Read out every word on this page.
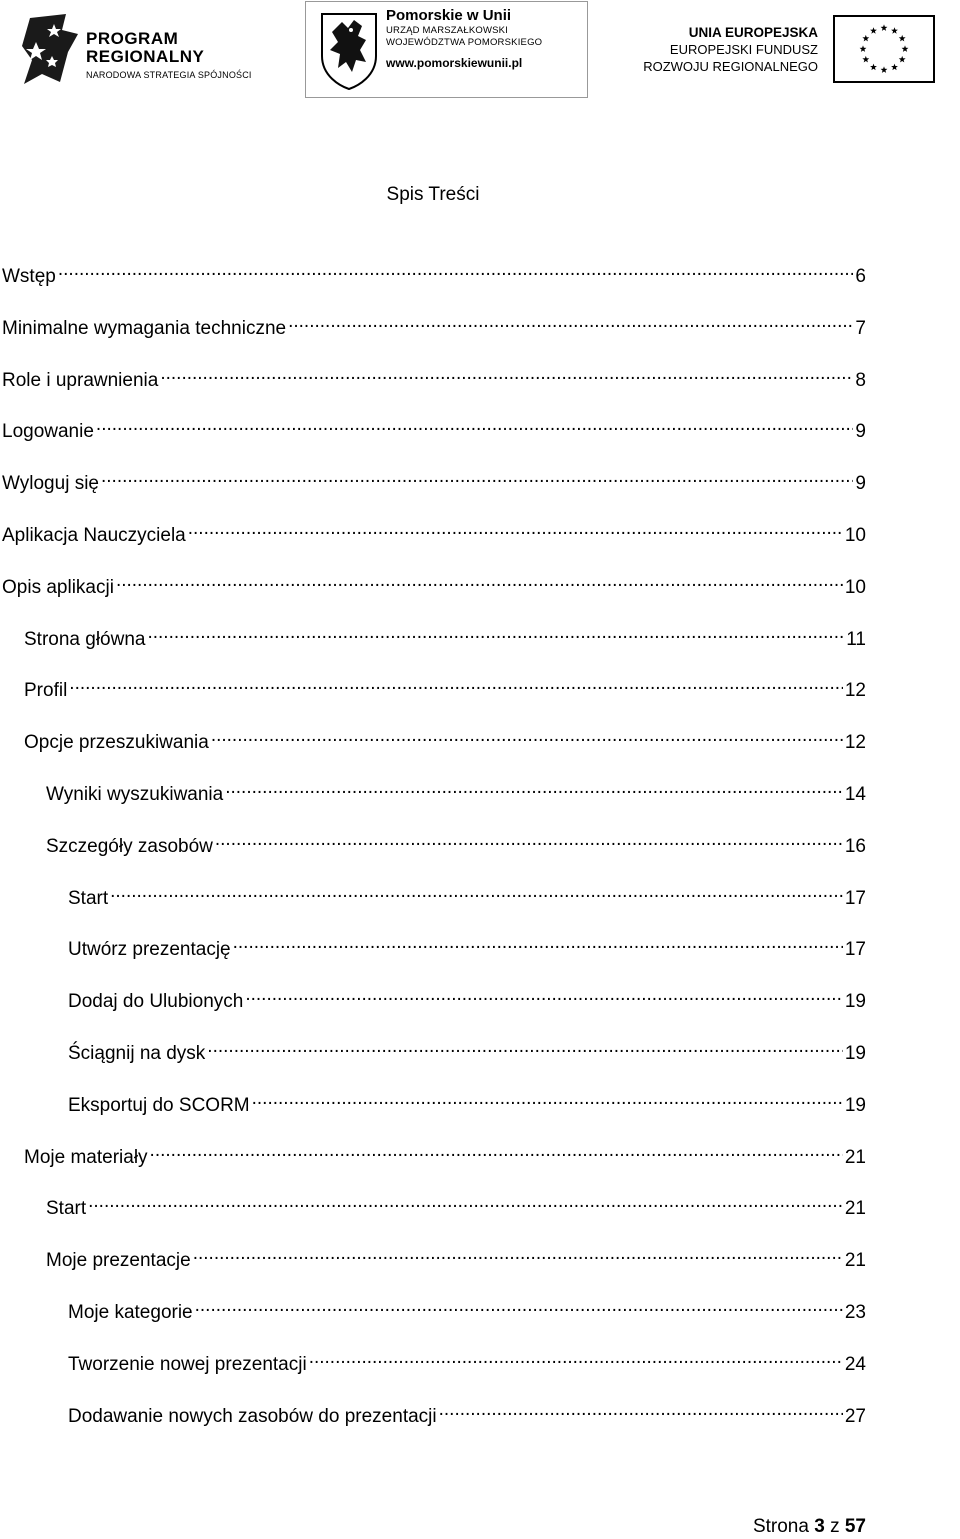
PROGRAM
REGIONALNY
NARODOWA STRATEGIA SPÓJNOŚCI
Pomorskie w Unii
URZĄD MARSZAŁKOWSKI
WOJEWÓDZTWA POMORSKIEGO
www.pomorskiewunii.pl
UNIA EUROPEJSKA
EUROPEJSKI FUNDUSZ
ROZWOJU REGIONALNEGO
Spis Treści
Wstęp .....	6
Minimalne wymagania techniczne .....	7
Role i uprawnienia .....	8
Logowanie .....	9
Wyloguj się .....	9
Aplikacja Nauczyciela .....	10
Opis aplikacji .....	10
Strona główna .....	11
Profil .....	12
Opcje przeszukiwania .....	12
Wyniki wyszukiwania .....	14
Szczegóły zasobów .....	16
Start .....	17
Utwórz prezentację .....	17
Dodaj do Ulubionych .....	19
Ściągnij na dysk .....	19
Eksportuj do SCORM .....	19
Moje materiały .....	21
Start .....	21
Moje prezentacje .....	21
Moje kategorie .....	23
Tworzenie nowej prezentacji .....	24
Dodawanie nowych zasobów do prezentacji .....	27
Strona 3 z 57
